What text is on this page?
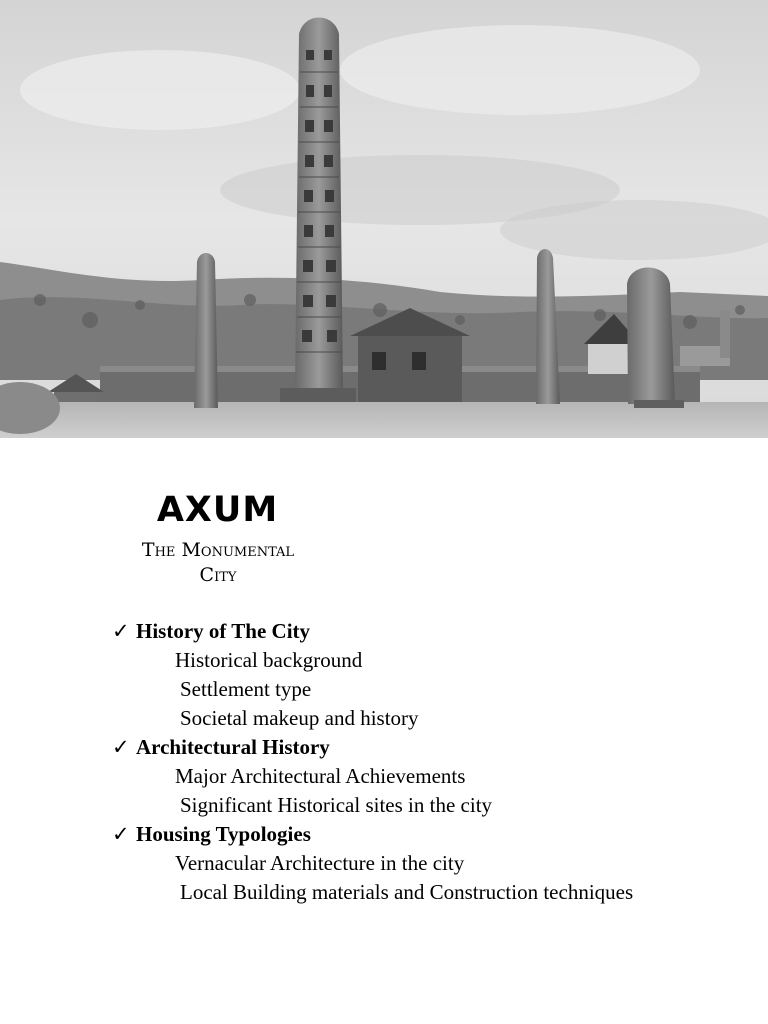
AXUM
The Monumental
City
✓ History of The City
Historical background
Settlement type
Societal makeup and history
✓ Architectural History
Major Architectural Achievements
Significant Historical sites in the city
✓ Housing Typologies
Vernacular Architecture in the city
Local Building materials and Construction techniques
